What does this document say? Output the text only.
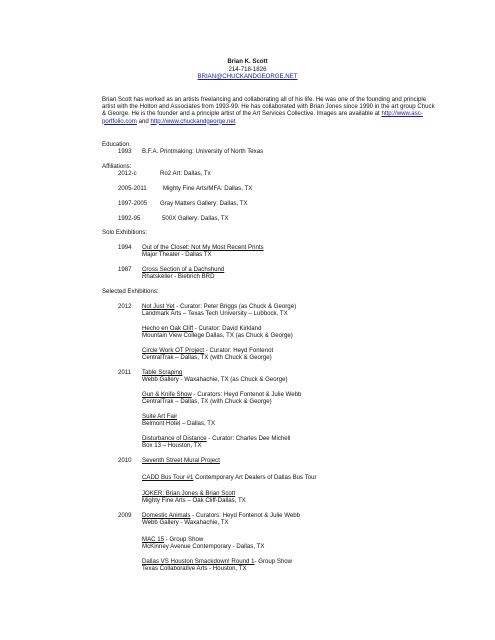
Brian K. Scott
214-718-1826
BRIAN@CHUCKANDGEORGE.NET
Brian Scott has worked as an artists freelancing and collaborating all of his life. He was one of the founding and principle artist with the Holton and Associates from 1993-99. He has collaborated with Brian Jones since 1990 in the art group Chuck & George. He is the founder and a principle artist of the Art Services Collective. Images are available at http://www.asc-portfolio.com and http://www.chuckandgeorge.net
Education:
1993 B.F.A. Printmaking: University of North Texas
Affiliations:
2012-c	Ro2 Art: Dallas, Tx
2005-2011	Mighty Fine Arts/MFA: Dallas, TX
1997-2005 Gray Matters Gallery: Dallas, TX
1992-95	500X Gallery: Dallas, TX
Solo Exhibitions:
1994 Out of the Closet: Not My Most Recent Prints
Major Theater - Dallas TX
1987 Cross Section of a Dachshund
Rhatskeller - Biebrich BRD
Selected Exhibitions:
2012 Not Just Yet - Curator: Peter Briggs (as Chuck & George)
Landmark Arts – Texas Tech University – Lubbock, TX
Hecho en Oak Cliff - Curator: David Kirkland
Mountain View College Dallas, TX (as Chuck & George)
Circle Work OT Project - Curator: Heyd Fontenot
CentralTrak – Dallas, TX (with Chuck & George)
2011 Table Scraping
Webb Gallery - Waxahachie, TX (as Chuck & George)
Gun & Knife Show - Curators: Heyd Fontenot & Julie Webb
CentralTrak – Dallas, TX (with Chuck & George)
Suite Art Fair
Belmont Hotel – Dallas, TX
Disturbance of Distance - Curator: Charles Dee Michell
Box 13 – Houston, TX
2010 Seventh Street Mural Project
CADD Bus Tour #1 Contemporary Art Dealers of Dallas Bus Tour
JOKER: Brian Jones & Brian Scott
Mighty Fine Arts – Oak Cliff-Dallas, TX
2009 Domestic Animals - Curators: Heyd Fontenot & Julie Webb
Webb Gallery - Waxahachie, TX
MAC 15 - Group Show
McKinney Avenue Contemporary - Dallas, TX
Dallas VS Houston Smackdown! Round 1- Group Show
Texas Collaborative Arts - Houston, TX
